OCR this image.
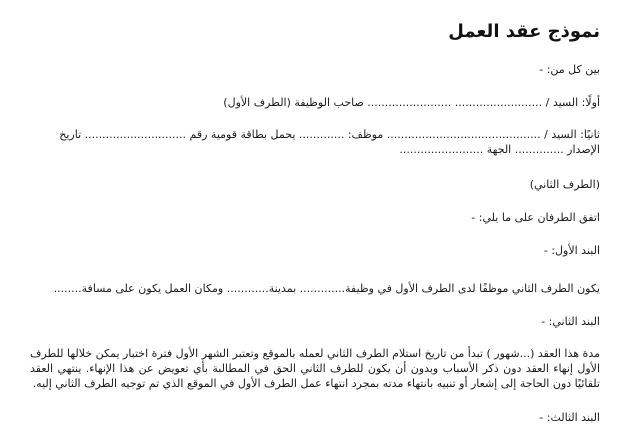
نموذج عقد العمل
بين كل من: -
أولًا: السيد / ......................... ........................ صاحب الوظيفة (الطرف الأول)
ثانيًا: السيد / ............................................ موظف: ............. يحمل بطاقة قومية رقم ............................. تاريخ
الإصدار .............. الجهة ........................
(الطرف الثاني)
اتفق الطرفان على ما يلي: -
البند الأول: -
يكون الطرف الثاني موظفًا لدى الطرف الأول في وظيفة............. بمدينة............ ومكان العمل يكون على مسافة........
البند الثاني: -
مدة هذا العقد (...شهور ) تبدأ من تاريخ استلام الطرف الثاني لعمله بالموقع وتعتبر الشهر الأول فترة اختبار يمكن خلالها للطرف الأول إنهاء العقد دون ذكر الأسباب وبدون أن يكون للطرف الثاني الحق في المطالبة بأي تعويض عن هذا الإنهاء. ينتهي العقد تلقائيًا دون الحاجة إلى إشعار أو تنبيه بانتهاء مدته بمجرد انتهاء عمل الطرف الأول في الموقع الذي تم توجيه الطرف الثاني إليه.
البند الثالث: -
